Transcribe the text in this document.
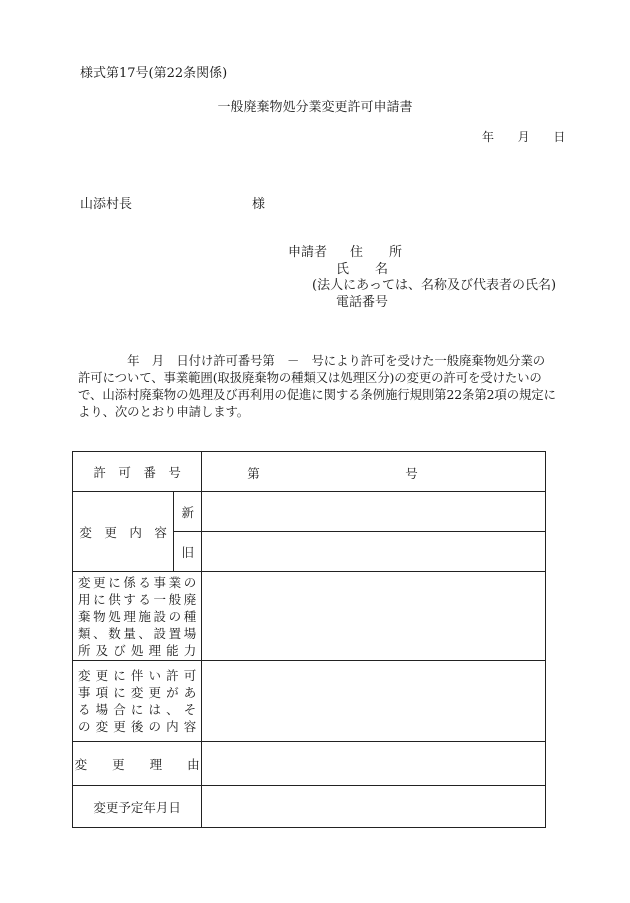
様式第17号(第22条関係)
一般廃棄物処分業変更許可申請書
年 月 日
山添村長	様
申請者 住　　所
氏　　名
(法人にあっては、名称及び代表者の氏名)
電話番号
　　　　年　月　日付け許可番号第　－　号により許可を受けた一般廃棄物処分業の許可について、事業範囲(取扱廃棄物の種類又は処理区分)の変更の許可を受けたいので、山添村廃棄物の処理及び再利用の促進に関する条例施行規則第22条第2項の規定により、次のとおり申請します。
許　可　番　号		第 号

変　更　内　容	新	
	旧	

変更に係る事業の
用に供する一般廃
棄物処理施設の種
類、数量、設置場
所及び処理能力		

変更に伴い許可
事項に変更があ
る場合には、そ
の変更後の内容		

変　　更　　理　　由		
変更予定年月日		
